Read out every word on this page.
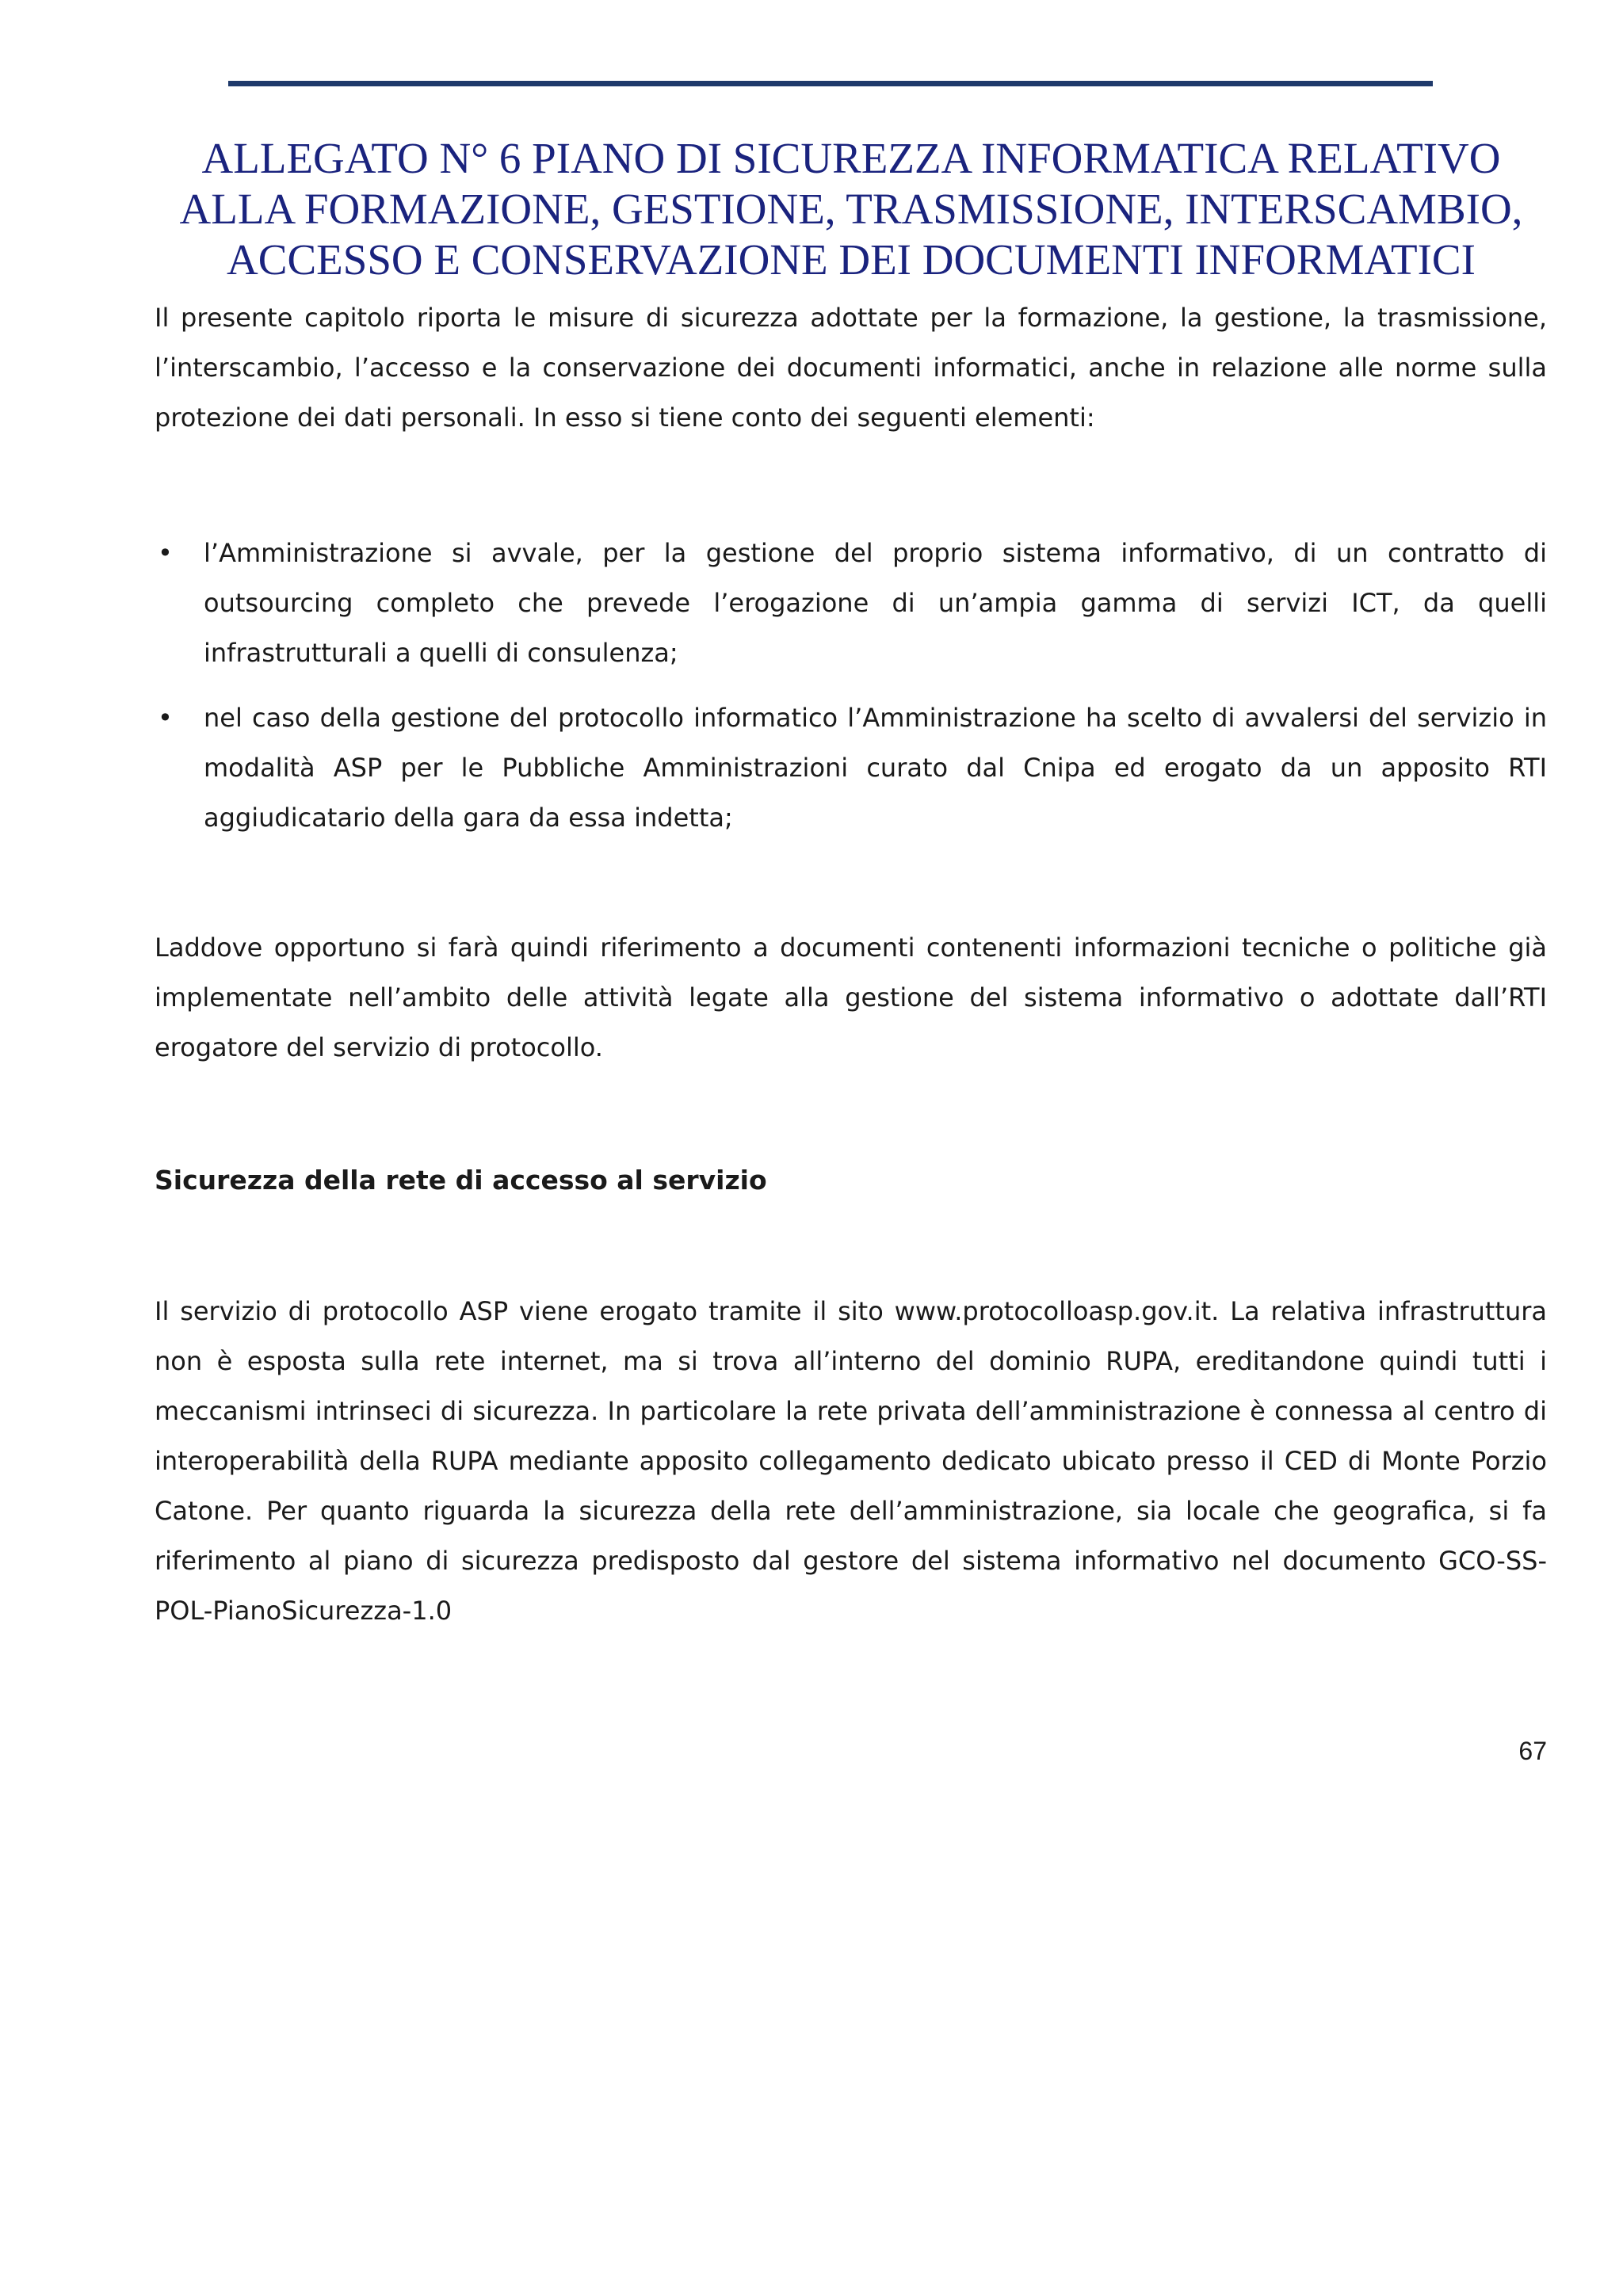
ALLEGATO N° 6 PIANO DI SICUREZZA INFORMATICA RELATIVO
ALLA FORMAZIONE, GESTIONE, TRASMISSIONE, INTERSCAMBIO,
ACCESSO E CONSERVAZIONE DEI DOCUMENTI INFORMATICI

Il presente capitolo riporta le misure di sicurezza adottate per la formazione, la gestione, la trasmissione, l’interscambio, l’accesso e la conservazione dei documenti informatici, anche in relazione alle norme sulla protezione dei dati personali. In esso si tiene conto dei seguenti elementi:

• l’Amministrazione si avvale, per la gestione del proprio sistema informativo, di un contratto di outsourcing completo che prevede l’erogazione di un’ampia gamma di servizi ICT, da quelli infrastrutturali a quelli di consulenza;
• nel caso della gestione del protocollo informatico l’Amministrazione ha scelto di avvalersi del servizio in modalità ASP per le Pubbliche Amministrazioni curato dal Cnipa ed erogato da un apposito RTI aggiudicatario della gara da essa indetta;

Laddove opportuno si farà quindi riferimento a documenti contenenti informazioni tecniche o politiche già implementate nell’ambito delle attività legate alla gestione del sistema informativo o adottate dall’RTI erogatore del servizio di protocollo.

Sicurezza della rete di accesso al servizio

Il servizio di protocollo ASP viene erogato tramite il sito www.protocolloasp.gov.it. La relativa infrastruttura non è esposta sulla rete internet, ma si trova all’interno del dominio RUPA, ereditandone quindi tutti i meccanismi intrinseci di sicurezza. In particolare la rete privata dell’amministrazione è connessa al centro di interoperabilità della RUPA mediante apposito collegamento dedicato ubicato presso il CED di Monte Porzio Catone. Per quanto riguarda la sicurezza della rete dell’amministrazione, sia locale che geografica, si fa riferimento al piano di sicurezza predisposto dal gestore del sistema informativo nel documento GCO-SS-POL-PianoSicurezza-1.0

67
